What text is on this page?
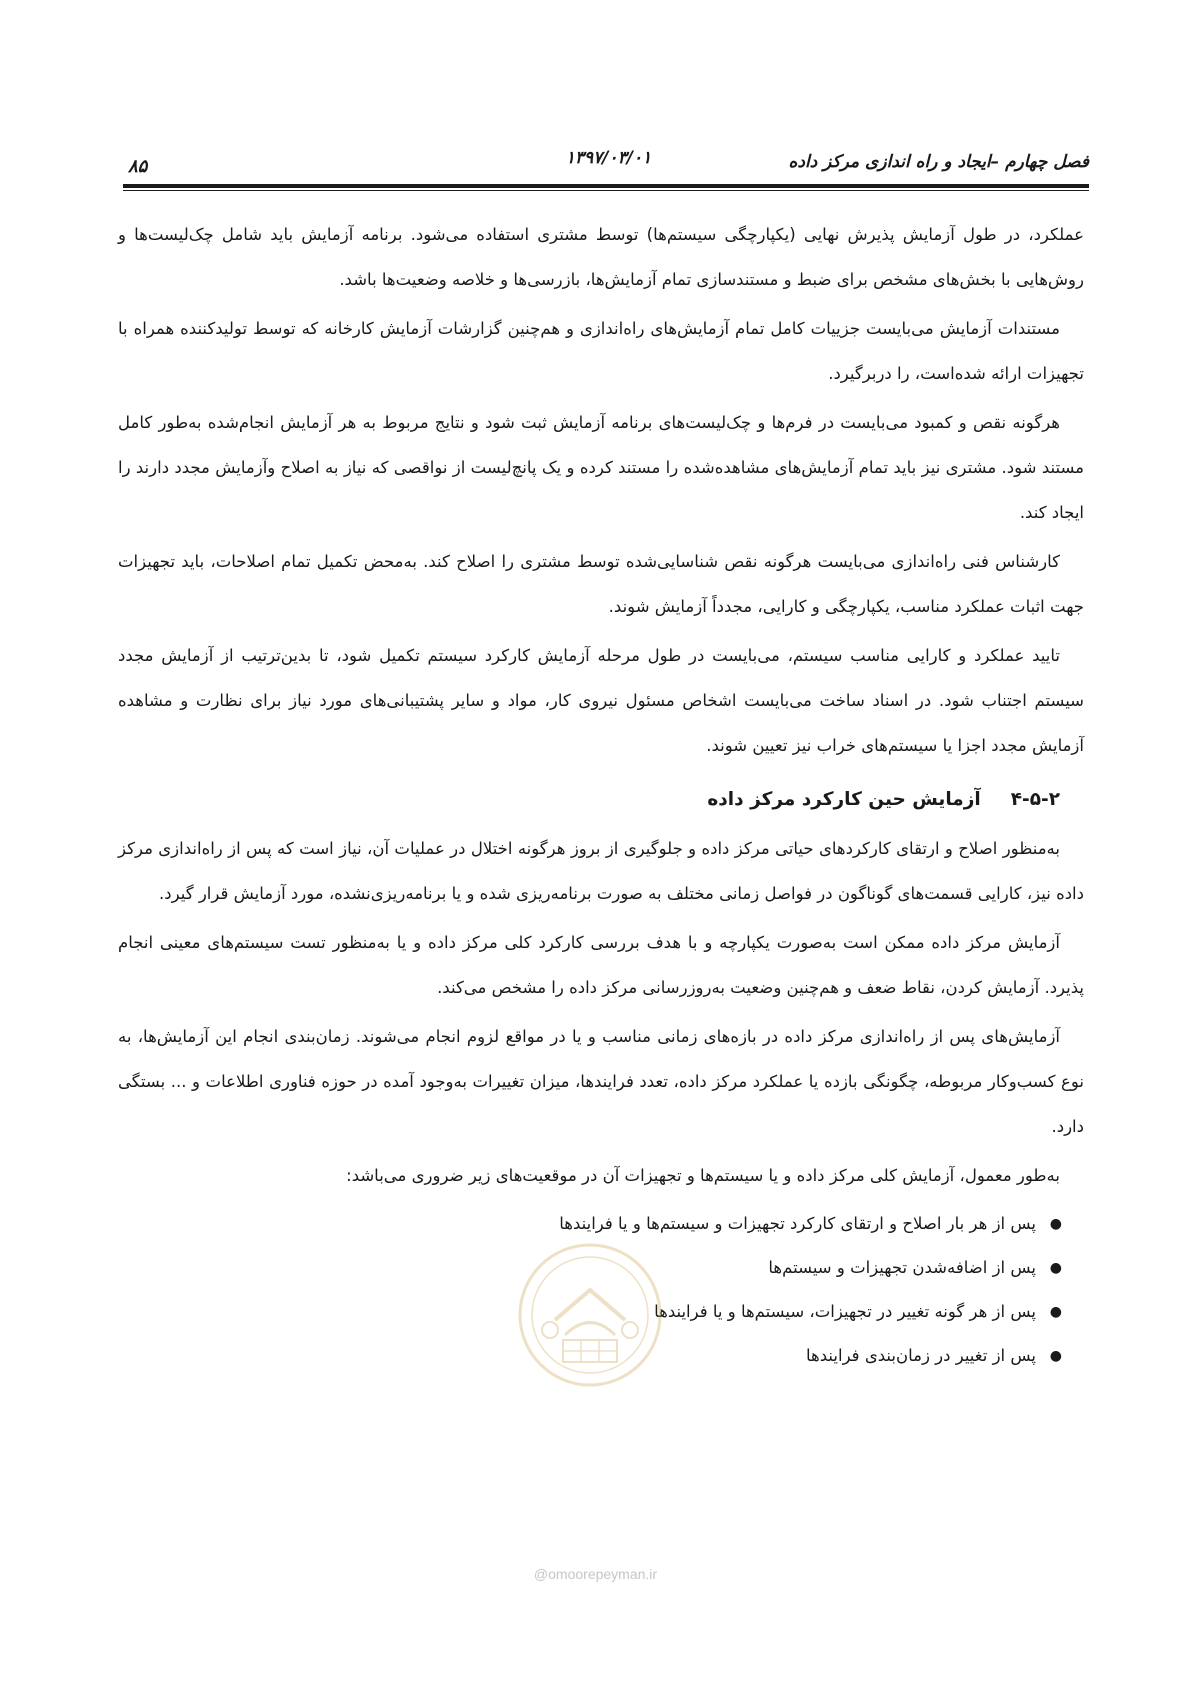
فصل چهارم –ایجاد و راه اندازی مرکز داده
۱۳۹۷/۰۳/۰۱
۸۵

عملکرد، در طول آزمایش پذیرش نهایی (یکپارچگی سیستم‌ها) توسط مشتری استفاده می‌شود. برنامه آزمایش باید شامل چک‌لیست‌ها و روش‌هایی با بخش‌های مشخص برای ضبط و مستندسازی تمام آزمایش‌ها، بازرسی‌ها و خلاصه وضعیت‌ها باشد.

مستندات آزمایش می‌بایست جزییات کامل تمام آزمایش‌های راه‌اندازی و هم‌چنین گزارشات آزمایش کارخانه که توسط تولیدکننده همراه با تجهیزات ارائه شده‌است، را دربرگیرد.

هرگونه نقص و کمبود می‌بایست در فرم‌ها و چک‌لیست‌های برنامه آزمایش ثبت شود و نتایج مربوط به هر آزمایش انجام‌شده به‌طور کامل مستند شود. مشتری نیز باید تمام آزمایش‌های مشاهده‌شده را مستند کرده و یک پانچ‌لیست از نواقصی که نیاز به اصلاح وآزمایش مجدد دارند را ایجاد کند.

کارشناس فنی راه‌اندازی می‌بایست هرگونه نقص شناسایی‌شده توسط مشتری را اصلاح کند. به‌محض تکمیل تمام اصلاحات، باید تجهیزات جهت اثبات عملکرد مناسب، یکپارچگی و کارایی، مجدداً آزمایش شوند.

تایید عملکرد و کارایی مناسب سیستم، می‌بایست در طول مرحله آزمایش کارکرد سیستم تکمیل شود، تا بدین‌ترتیب از آزمایش مجدد سیستم اجتناب شود. در اسناد ساخت می‌بایست اشخاص مسئول نیروی کار، مواد و سایر پشتیبانی‌های مورد نیاز برای نظارت و مشاهده آزمایش مجدد اجزا یا سیستم‌های خراب نیز تعیین شوند.

۴-۵-۲آزمایش حین کارکرد مرکز داده

به‌منظور اصلاح و ارتقای کارکردهای حیاتی مرکز داده و جلوگیری از بروز هرگونه اختلال در عملیات آن، نیاز است که پس از راه‌اندازی مرکز داده نیز، کارایی قسمت‌های گوناگون در فواصل زمانی مختلف به صورت برنامه‌ریزی شده و یا برنامه‌ریزی‌نشده، مورد آزمایش قرار گیرد.

آزمایش مرکز داده ممکن است به‌صورت یکپارچه و با هدف بررسی کارکرد کلی مرکز داده و یا به‌منظور تست سیستم‌های معینی انجام پذیرد. آزمایش کردن، نقاط ضعف و هم‌چنین وضعیت به‌روزرسانی مرکز داده را مشخص می‌کند.

آزمایش‌های پس از راه‌اندازی مرکز داده در بازه‌های زمانی مناسب و یا در مواقع لزوم انجام می‌شوند. زمان‌بندی انجام این آزمایش‌ها، به نوع کسب‌وکار مربوطه، چگونگی بازده یا عملکرد مرکز داده، تعدد فرایندها، میزان تغییرات به‌وجود آمده در حوزه فناوری اطلاعات و ... بستگی دارد.

به‌طور معمول، آزمایش کلی مرکز داده و یا سیستم‌ها و تجهیزات آن در موقعیت‌های زیر ضروری می‌باشد:

●
پس از هر بار اصلاح و ارتقای کارکرد تجهیزات و سیستم‌ها و یا فرایندها
●
پس از اضافه‌شدن تجهیزات و سیستم‌ها
●
پس از هر گونه تغییر در تجهیزات، سیستم‌ها و یا فرایندها
●
پس از تغییر در زمان‌بندی فرایندها
@omoorepeyman.ir
